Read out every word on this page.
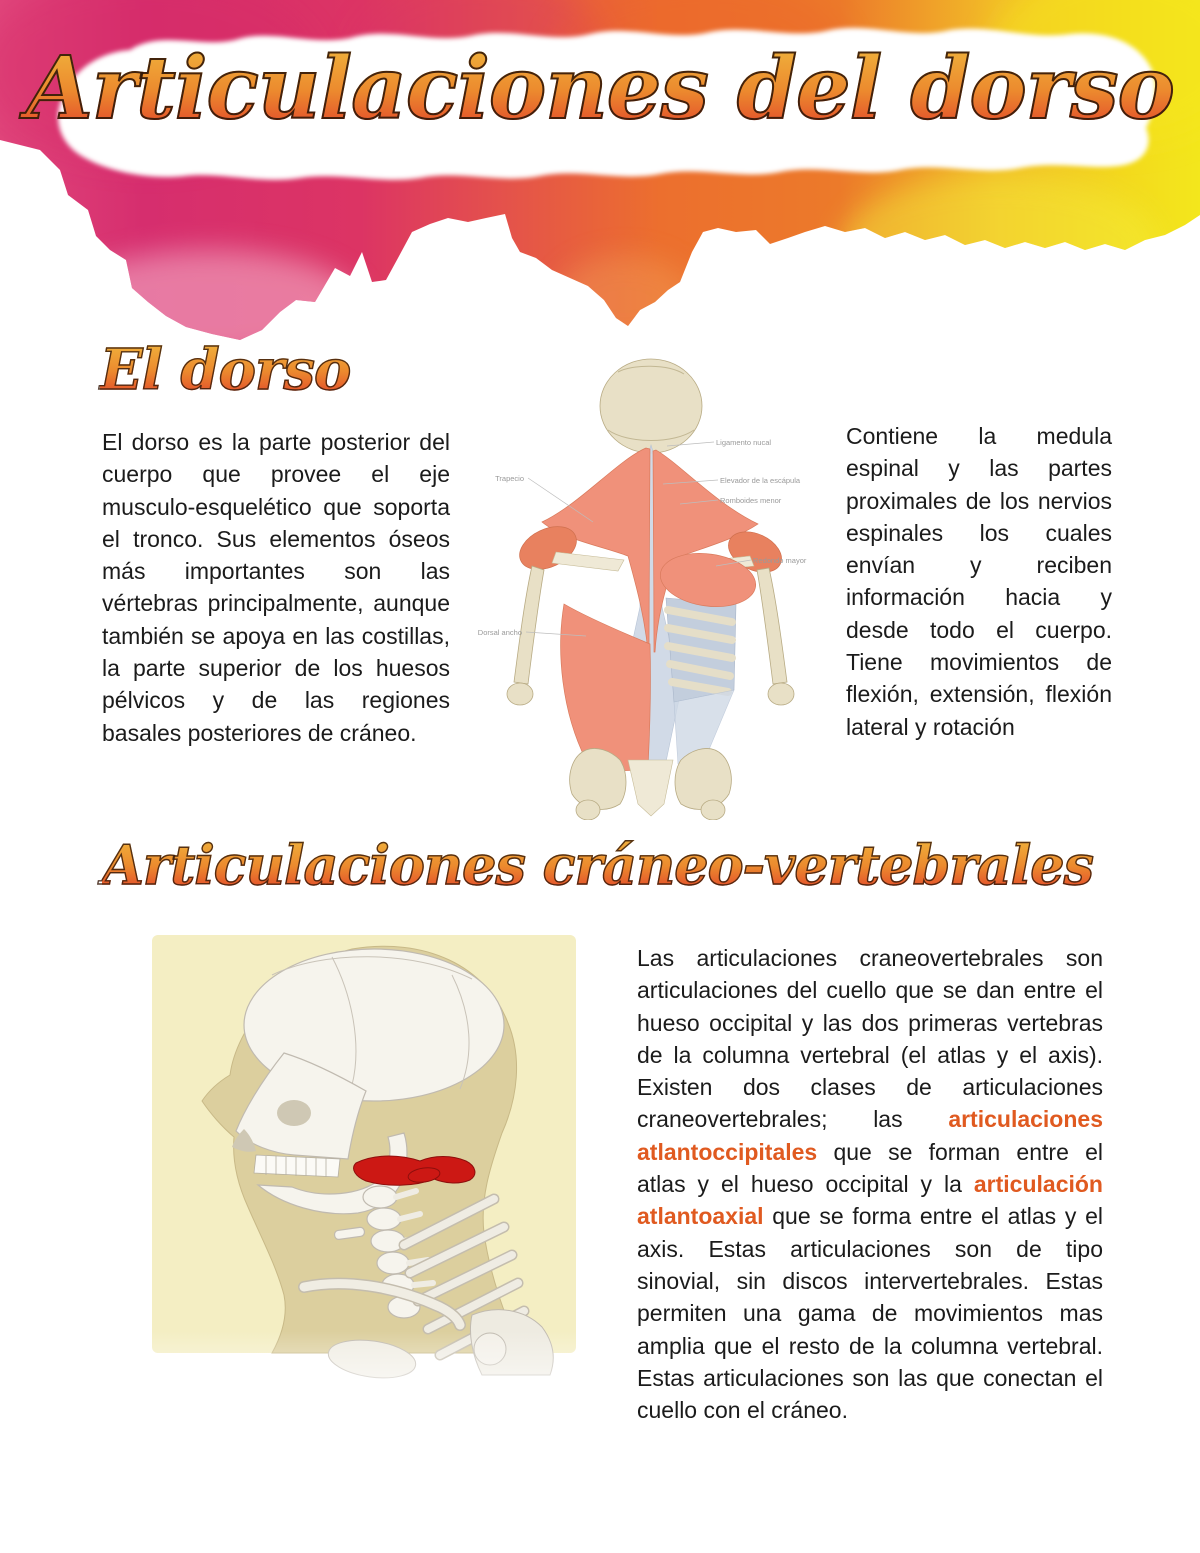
Articulaciones del dorso
El dorso

El dorso es la parte posterior del cuerpo que provee el eje musculo-esquelético que soporta el tronco. Sus elementos óseos más importantes son las vértebras principalmente, aunque también se apoya en las costillas, la parte superior de los huesos pélvicos y de las regiones basales posteriores de cráneo.

Ligamento nucal
Elevador de la escápula
Romboides menor
Redondo mayor
Trapecio
Dorsal ancho

Contiene la medula espinal y las partes proximales de los nervios espinales los cuales envían y reciben información hacia y desde todo el cuerpo. Tiene movimientos de flexión, extensión, flexión lateral y rotación

Articulaciones cráneo-vertebrales

Las articulaciones craneovertebrales son articulaciones del cuello que se dan entre el hueso occipital y las dos primeras vertebras de la columna vertebral (el atlas y el axis). Existen dos clases de articulaciones craneovertebrales; las articulaciones atlantoccipitales que se forman entre el atlas y el hueso occipital y la articulación atlantoaxial que se forma entre el atlas y el axis. Estas articulaciones son de tipo sinovial, sin discos intervertebrales. Estas permiten una gama de movimientos mas amplia que el resto de la columna vertebral. Estas articulaciones son las que conectan el cuello con el cráneo.
